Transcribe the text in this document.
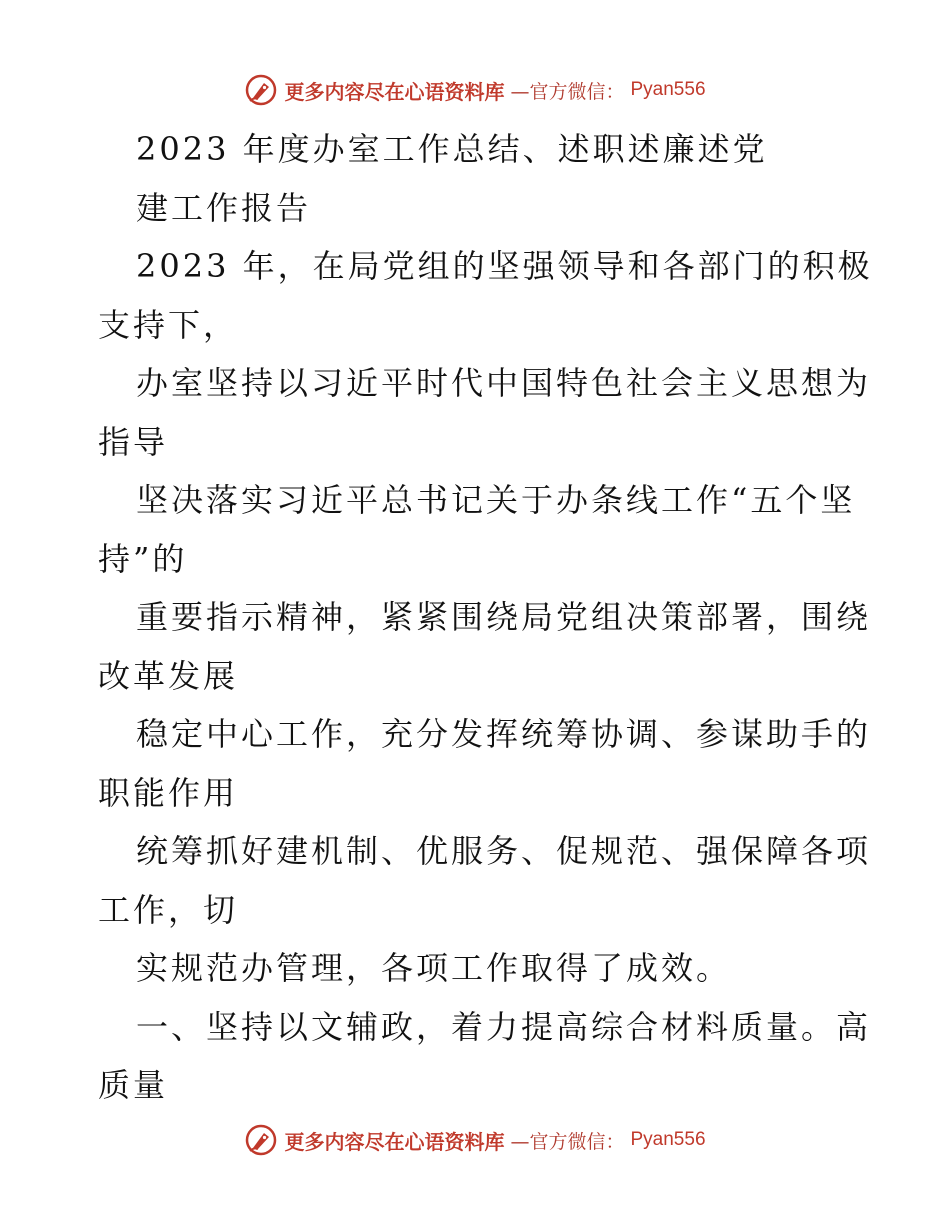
更多内容尽在心语资料库 —官方微信： Pyan556
2023 年度办室工作总结、述职述廉述党
建工作报告
2023 年，在局党组的坚强领导和各部门的积极
支持下，
办室坚持以习近平时代中国特色社会主义思想为
指导
坚决落实习近平总书记关于办条线工作“五个坚
持”的
重要指示精神，紧紧围绕局党组决策部署，围绕
改革发展
稳定中心工作，充分发挥统筹协调、参谋助手的
职能作用
统筹抓好建机制、优服务、促规范、强保障各项
工作，切
实规范办管理，各项工作取得了成效。
一、坚持以文辅政，着力提高综合材料质量。高
质量
更多内容尽在心语资料库 —官方微信： Pyan556
